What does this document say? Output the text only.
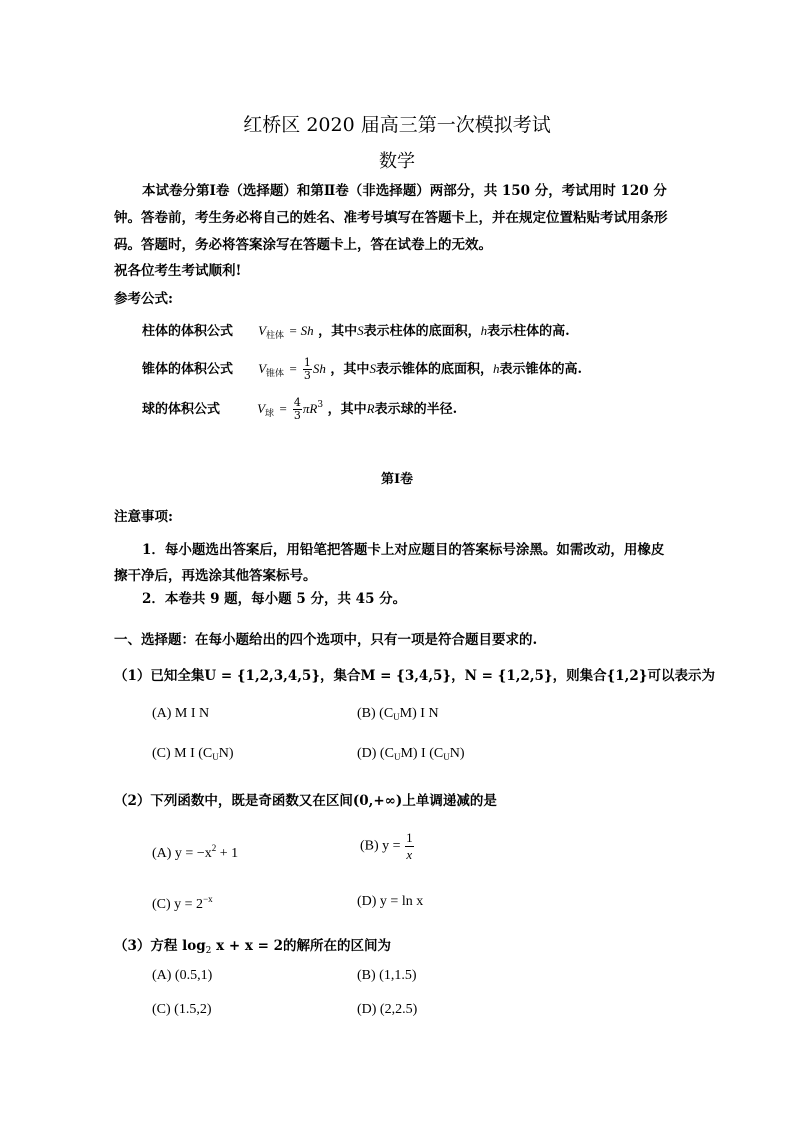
红桥区 2020 届高三第一次模拟考试
数学

本试卷分第Ⅰ卷（选择题）和第Ⅱ卷（非选择题）两部分，共 150 分，考试用时 120 分钟。答卷前，考生务必将自己的姓名、准考号填写在答题卡上，并在规定位置粘贴考试用条形码。答题时，务必将答案涂写在答题卡上，答在试卷上的无效。

祝各位考生考试顺利!
参考公式:
柱体的体积公式 $V_{柱体} = Sh$ ，其中S表示柱体的底面积，h表示柱体的高.
锥体的体积公式 $V_{锥体} = \frac{1}{3}$ Sh ，其中S表示锥体的底面积，h表示锥体的高.
球的体积公式	$V_球 = \frac{4}{3} \pi R^3$ ，其中R表示球的半径.
第Ⅰ卷
注意事项:
1．每小题选出答案后，用铅笔把答题卡上对应题目的答案标号涂黑。如需改动，用橡皮
擦干净后，再选涂其他答案标号。
2．本卷共 9 题，每小题 5 分，共 45 分。
一、选择题：在每小题给出的四个选项中，只有一项是符合题目要求的.
（1）已知全集U = {1,2,3,4,5}，集合M = {3,4,5}，N = {1,2,5}，则集合{1,2}可以表示为
(A) M I N	(B) $(C_UM)$ I N
(C) M I $(C_UN)$	(D) $(C_UM)$ I $(C_UN)$
（2）下列函数中，既是奇函数又在区间(0,+∞)上单调递减的是
(A) $y = -x^2 + 1$	(B) $y = \frac{1}{x}$
(C) $y = 2^{-x}$	(D) y = ln x
（3）方程 $\log_2 x + x = 2$的解所在的区间为
(A) (0.5,1)	(B) (1,1.5)
(C) (1.5,2)	(D) (2,2.5)
